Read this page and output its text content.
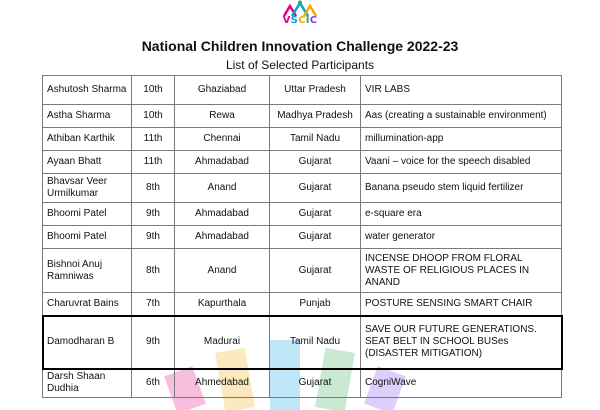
VSCIC
National Children Innovation Challenge 2022-23
List of Selected Participants
Ashutosh Sharma	10th	Ghaziabad	Uttar Pradesh	VIR LABS
Astha Sharma	10th	Rewa	Madhya Pradesh	Aas (creating a sustainable environment)
Athiban Karthik	11th	Chennai	Tamil Nadu	millumination-app
Ayaan Bhatt	11th	Ahmadabad	Gujarat	Vaani – voice for the speech disabled
Bhavsar Veer Urmilkumar	8th	Anand	Gujarat	Banana pseudo stem liquid fertilizer
Bhoomi Patel	9th	Ahmadabad	Gujarat	e-square era
Bhoomi Patel	9th	Ahmadabad	Gujarat	water generator
Bishnoi Anuj Ramniwas	8th	Anand	Gujarat	INCENSE DHOOP FROM FLORAL WASTE OF RELIGIOUS PLACES IN ANAND
Charuvrat Bains	7th	Kapurthala	Punjab	POSTURE SENSING SMART CHAIR
Damodharan B	9th	Madurai	Tamil Nadu	SAVE OUR FUTURE GENERATIONS. SEAT BELT IN SCHOOL BUSes (DISASTER MITIGATION)
Darsh Shaan Dudhia	6th	Ahmedabad	Gujarat	CogniWave
